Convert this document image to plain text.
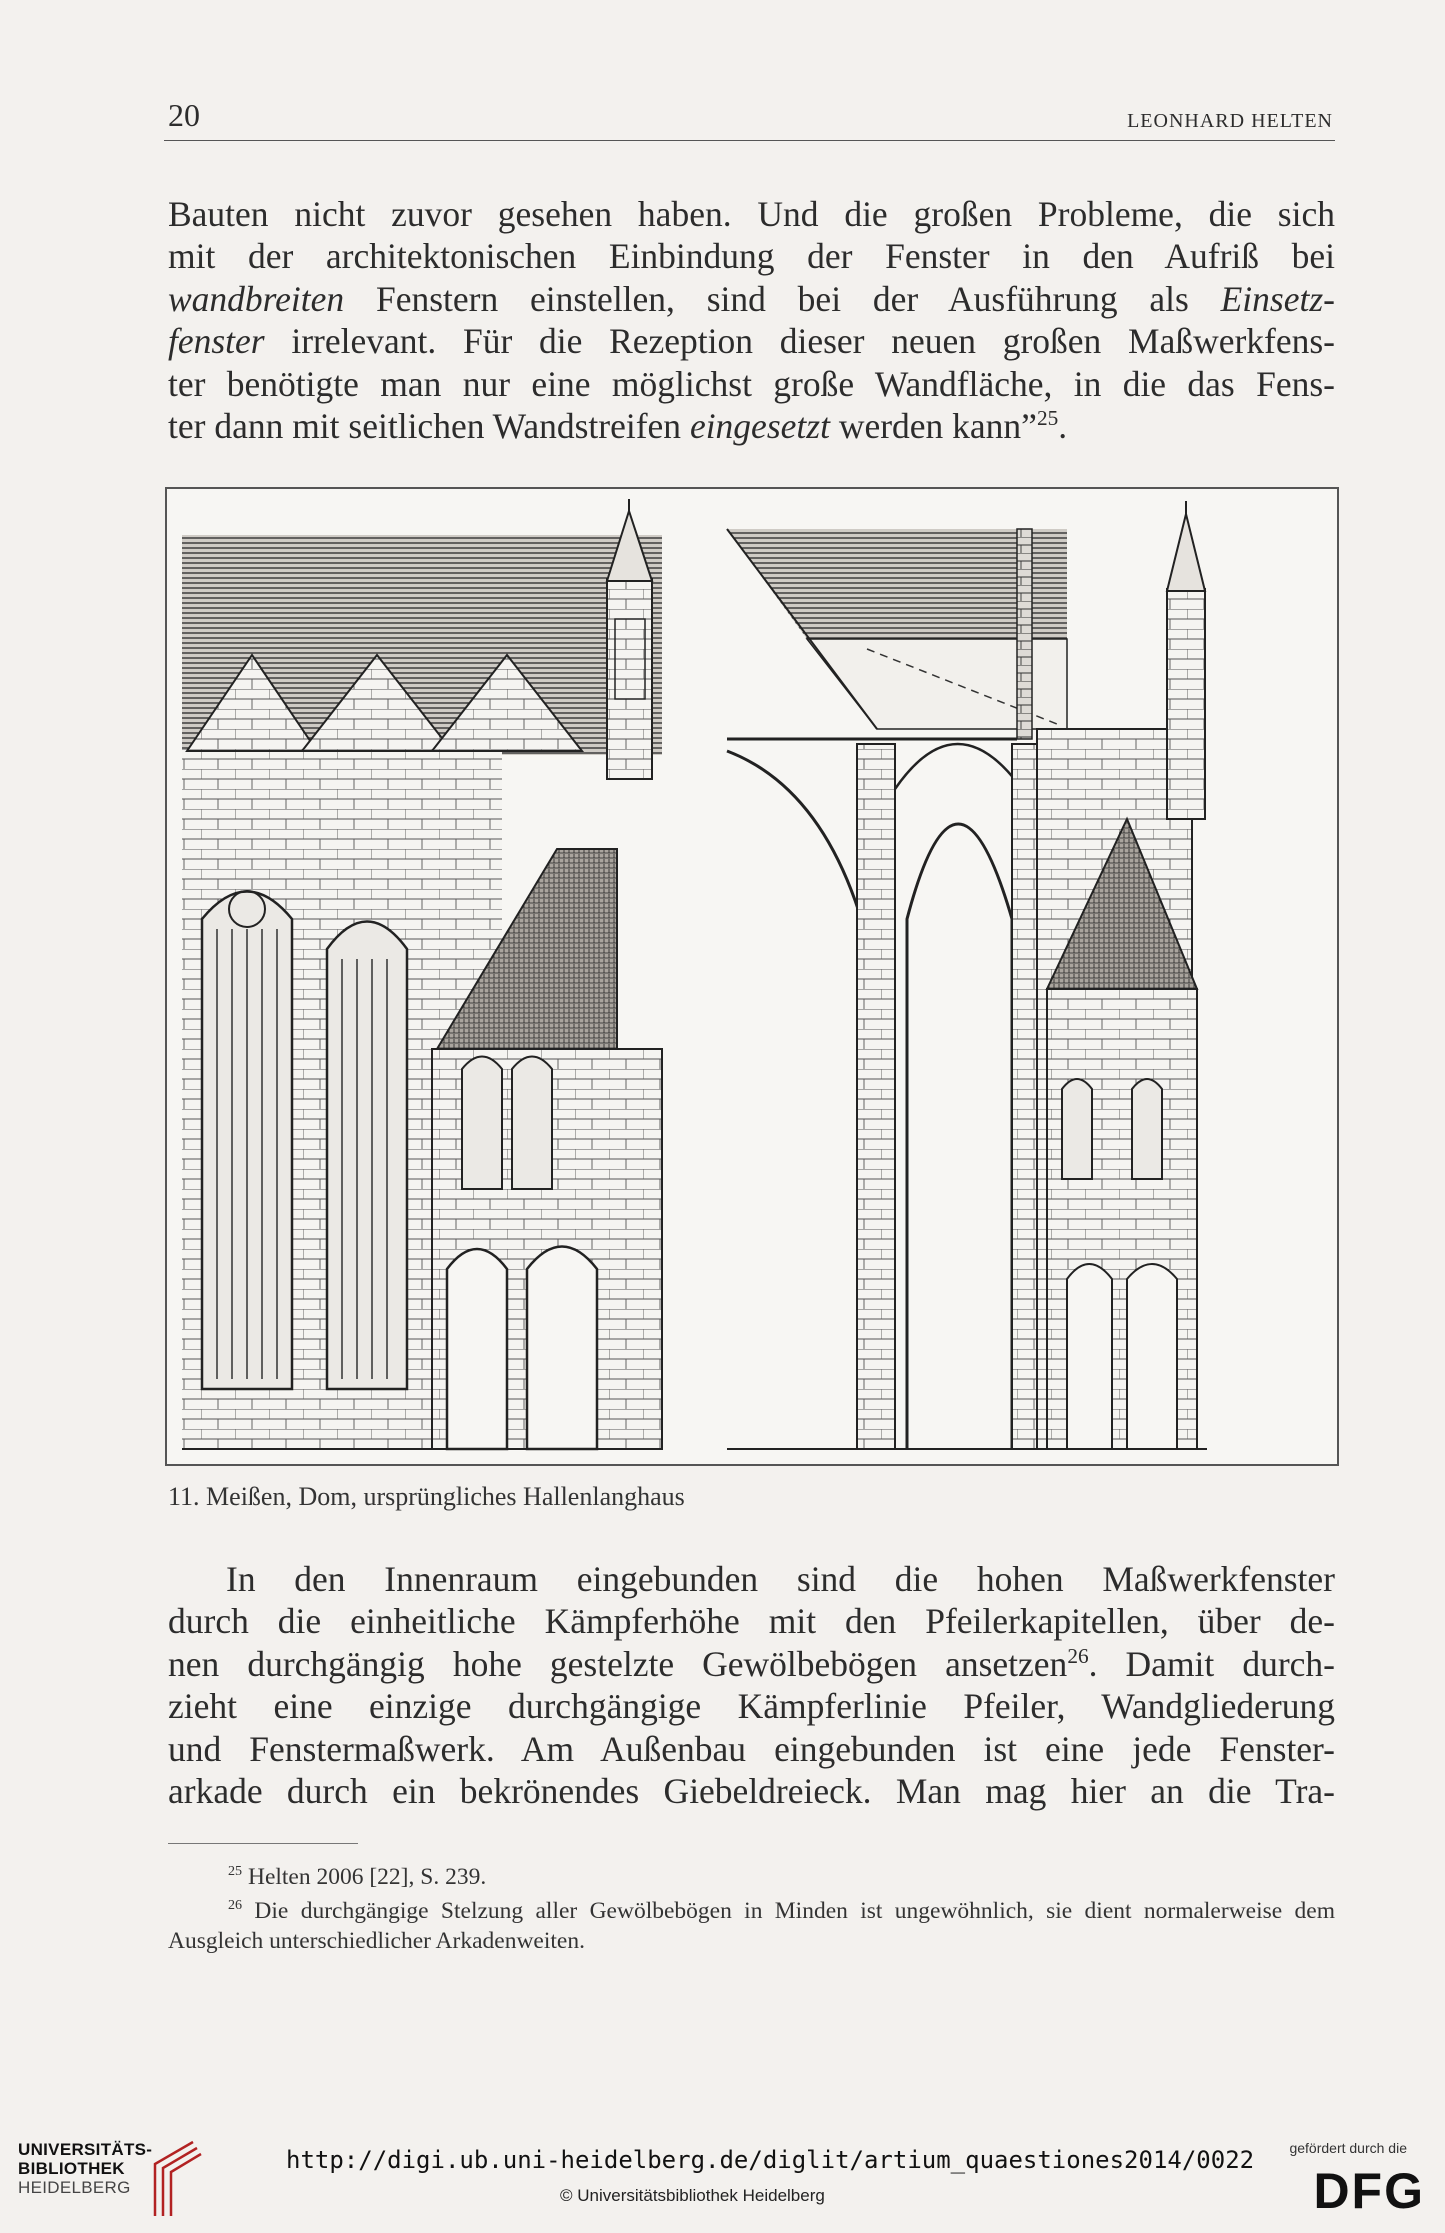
20	LEONHARD HELTEN

Bauten nicht zuvor gesehen haben. Und die großen Probleme, die sich

mit der architektonischen Einbindung der Fenster in den Aufriß bei

wandbreiten Fenstern einstellen, sind bei der Ausführung als Einsetz-

fenster irrelevant. Für die Rezeption dieser neuen großen Maßwerkfens-

ter benötigte man nur eine möglichst große Wandfläche, in die das Fens-

ter dann mit seitlichen Wandstreifen eingesetzt werden kann”$^{25}$.

11. Meißen, Dom, ursprüngliches Hallenlanghaus

In den Innenraum eingebunden sind die hohen Maßwerkfenster

durch die einheitliche Kämpferhöhe mit den Pfeilerkapitellen, über de-

nen durchgängig hohe gestelzte Gewölbebögen ansetzen$^{26}$. Damit durch-

zieht eine einzige durchgängige Kämpferlinie Pfeiler, Wandgliederung

und Fenstermaßwerk. Am Außenbau eingebunden ist eine jede Fenster-

arkade durch ein bekrönendes Giebeldreieck. Man mag hier an die Tra-

$^{25}$ Helten 2006 [22], S. 239.

$^{26}$ Die durchgängige Stelzung aller Gewölbebögen in Minden ist ungewöhnlich, sie dient normalerweise dem Ausgleich unterschiedlicher Arkadenweiten.

UNIVERSITÄTS-
BIBLIOTHEK
HEIDELBERG
http://digi.ub.uni-heidelberg.de/diglit/artium_quaestiones2014/0022
© Universitätsbibliothek Heidelberg
gefördert durch die
DFG
